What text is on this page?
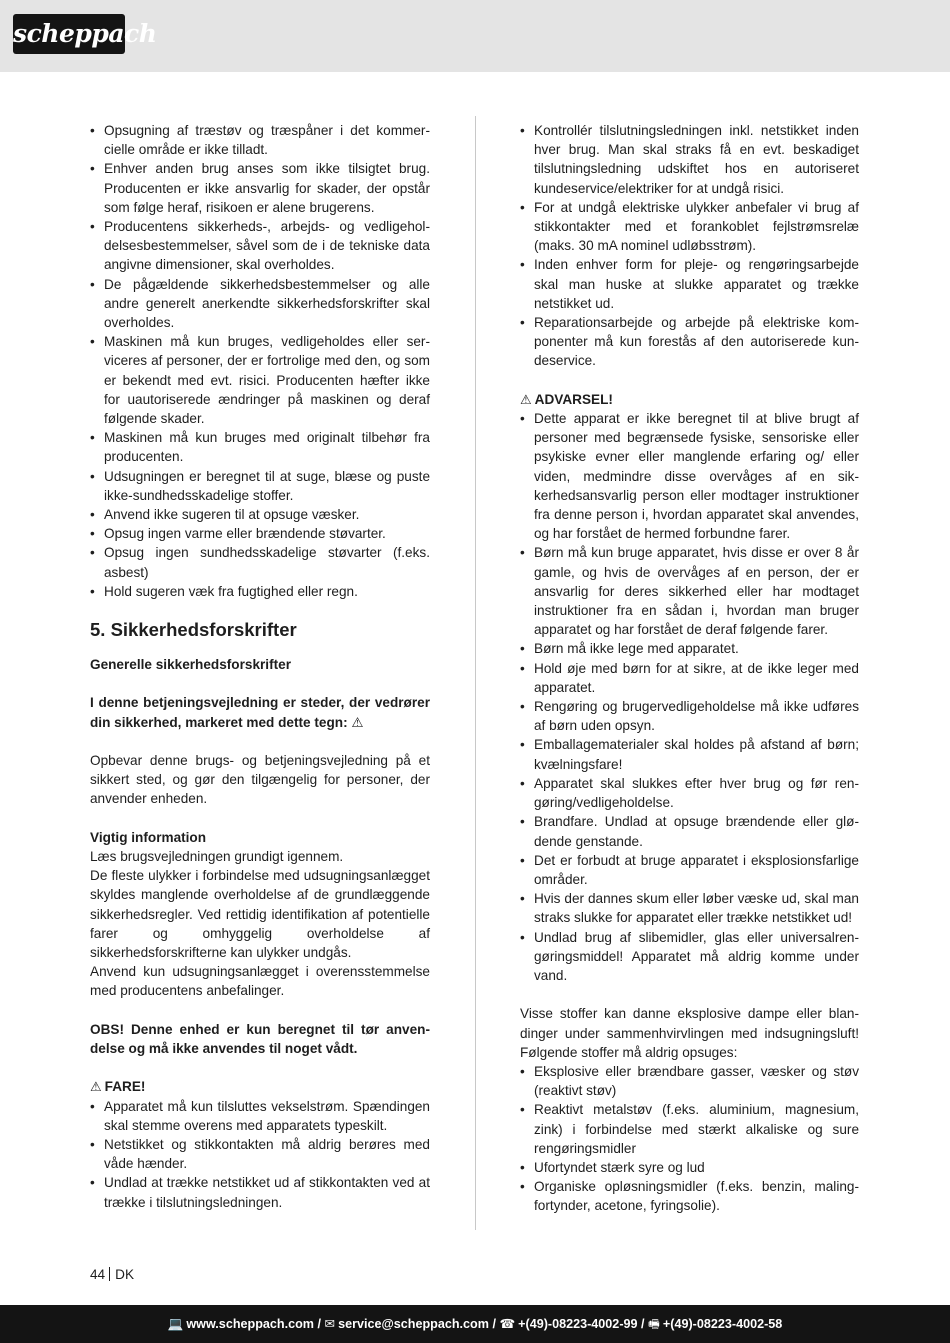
scheppach
• Opsugning af træstøv og træspåner i det kommercielle område er ikke tilladt.
• Enhver anden brug anses som ikke tilsigtet brug. Producenten er ikke ansvarlig for skader, der opstår som følge heraf, risikoen er alene brugerens.
• Producentens sikkerheds-, arbejds- og vedligeholdelsesbestemmelser, såvel som de i de tekniske data angivne dimensioner, skal overholdes.
• De pågældende sikkerhedsbestemmelser og alle andre generelt anerkendte sikkerhedsforskrifter skal overholdes.
• Maskinen må kun bruges, vedligeholdes eller serviceres af personer, der er fortrolige med den, og som er bekendt med evt. risici. Producenten hæfter ikke for uautoriserede ændringer på maskinen og deraf følgende skader.
• Maskinen må kun bruges med originalt tilbehør fra producenten.
• Udsugningen er beregnet til at suge, blæse og puste ikke-sundhedsskadelige stoffer.
• Anvend ikke sugeren til at opsuge væsker.
• Opsug ingen varme eller brændende støvarter.
• Opsug ingen sundhedsskadelige støvarter (f.eks. asbest)
• Hold sugeren væk fra fugtighed eller regn.
5. Sikkerhedsforskrifter

Generelle sikkerhedsforskrifter

I denne betjeningsvejledning er steder, der vedrører din sikkerhed, markeret med dette tegn: ⚠

Opbevar denne brugs- og betjeningsvejledning på et sikkert sted, og gør den tilgængelig for personer, der anvender enheden.

Vigtig information

Læs brugsvejledningen grundigt igennem.

De fleste ulykker i forbindelse med udsugningsanlægget skyldes manglende overholdelse af de grundlæggende sikkerhedsregler. Ved rettidig identifikation af potentielle farer og omhyggelig overholdelse af sikkerhedsforskrifterne kan ulykker undgås.

Anvend kun udsugningsanlægget i overensstemmelse med producentens anbefalinger.

OBS! Denne enhed er kun beregnet til tør anvendelse og må ikke anvendes til noget vådt.

⚠ FARE!

• Apparatet må kun tilsluttes vekselstrøm. Spændingen skal stemme overens med apparatets typeskilt.
• Netstikket og stikkontakten må aldrig berøres med våde hænder.
• Undlad at trække netstikket ud af stikkontakten ved at trække i tilslutningsledningen.
• Kontrollér tilslutningsledningen inkl. netstikket inden hver brug. Man skal straks få en evt. beskadiget tilslutningsledning udskiftet hos en autoriseret kundeservice/elektriker for at undgå risici.
• For at undgå elektriske ulykker anbefaler vi brug af stikkontakter med et forankoblet fejlstrømsrelæ (maks. 30 mA nominel udløbsstrøm).
• Inden enhver form for pleje- og rengøringsarbejde skal man huske at slukke apparatet og trække netstikket ud.
• Reparationsarbejde og arbejde på elektriske komponenter må kun forestås af den autoriserede kundeservice.

⚠ ADVARSEL!

• Dette apparat er ikke beregnet til at blive brugt af personer med begrænsede fysiske, sensoriske eller psykiske evner eller manglende erfaring og/ eller viden, medmindre disse overvåges af en sikkerhedsansvarlig person eller modtager instruktioner fra denne person i, hvordan apparatet skal anvendes, og har forstået de hermed forbundne farer.
• Børn må kun bruge apparatet, hvis disse er over 8 år gamle, og hvis de overvåges af en person, der er ansvarlig for deres sikkerhed eller har modtaget instruktioner fra en sådan i, hvordan man bruger apparatet og har forstået de deraf følgende farer.
• Børn må ikke lege med apparatet.
• Hold øje med børn for at sikre, at de ikke leger med apparatet.
• Rengøring og brugervedligeholdelse må ikke udføres af børn uden opsyn.
• Emballagematerialer skal holdes på afstand af børn; kvælningsfare!
• Apparatet skal slukkes efter hver brug og før rengøring/vedligeholdelse.
• Brandfare. Undlad at opsuge brændende eller glødende genstande.
• Det er forbudt at bruge apparatet i eksplosionsfarlige områder.
• Hvis der dannes skum eller løber væske ud, skal man straks slukke for apparatet eller trække netstikket ud!
• Undlad brug af slibemidler, glas eller universalrengøringsmiddel! Apparatet må aldrig komme under vand.

Visse stoffer kan danne eksplosive dampe eller blandinger under sammenhvirvlingen med indsugningsluft! Følgende stoffer må aldrig opsuges:

• Eksplosive eller brændbare gasser, væsker og støv (reaktivt støv)
• Reaktivt metalstøv (f.eks. aluminium, magnesium, zink) i forbindelse med stærkt alkaliske og sure rengøringsmidler
• Ufortyndet stærk syre og lud
• Organiske opløsningsmidler (f.eks. benzin, malingfortynder, acetone, fyringsolie).
44 DK
💻 www.scheppach.com / ✉ service@scheppach.com / ☎ +(49)-08223-4002-99 / 🖷 +(49)-08223-4002-58
